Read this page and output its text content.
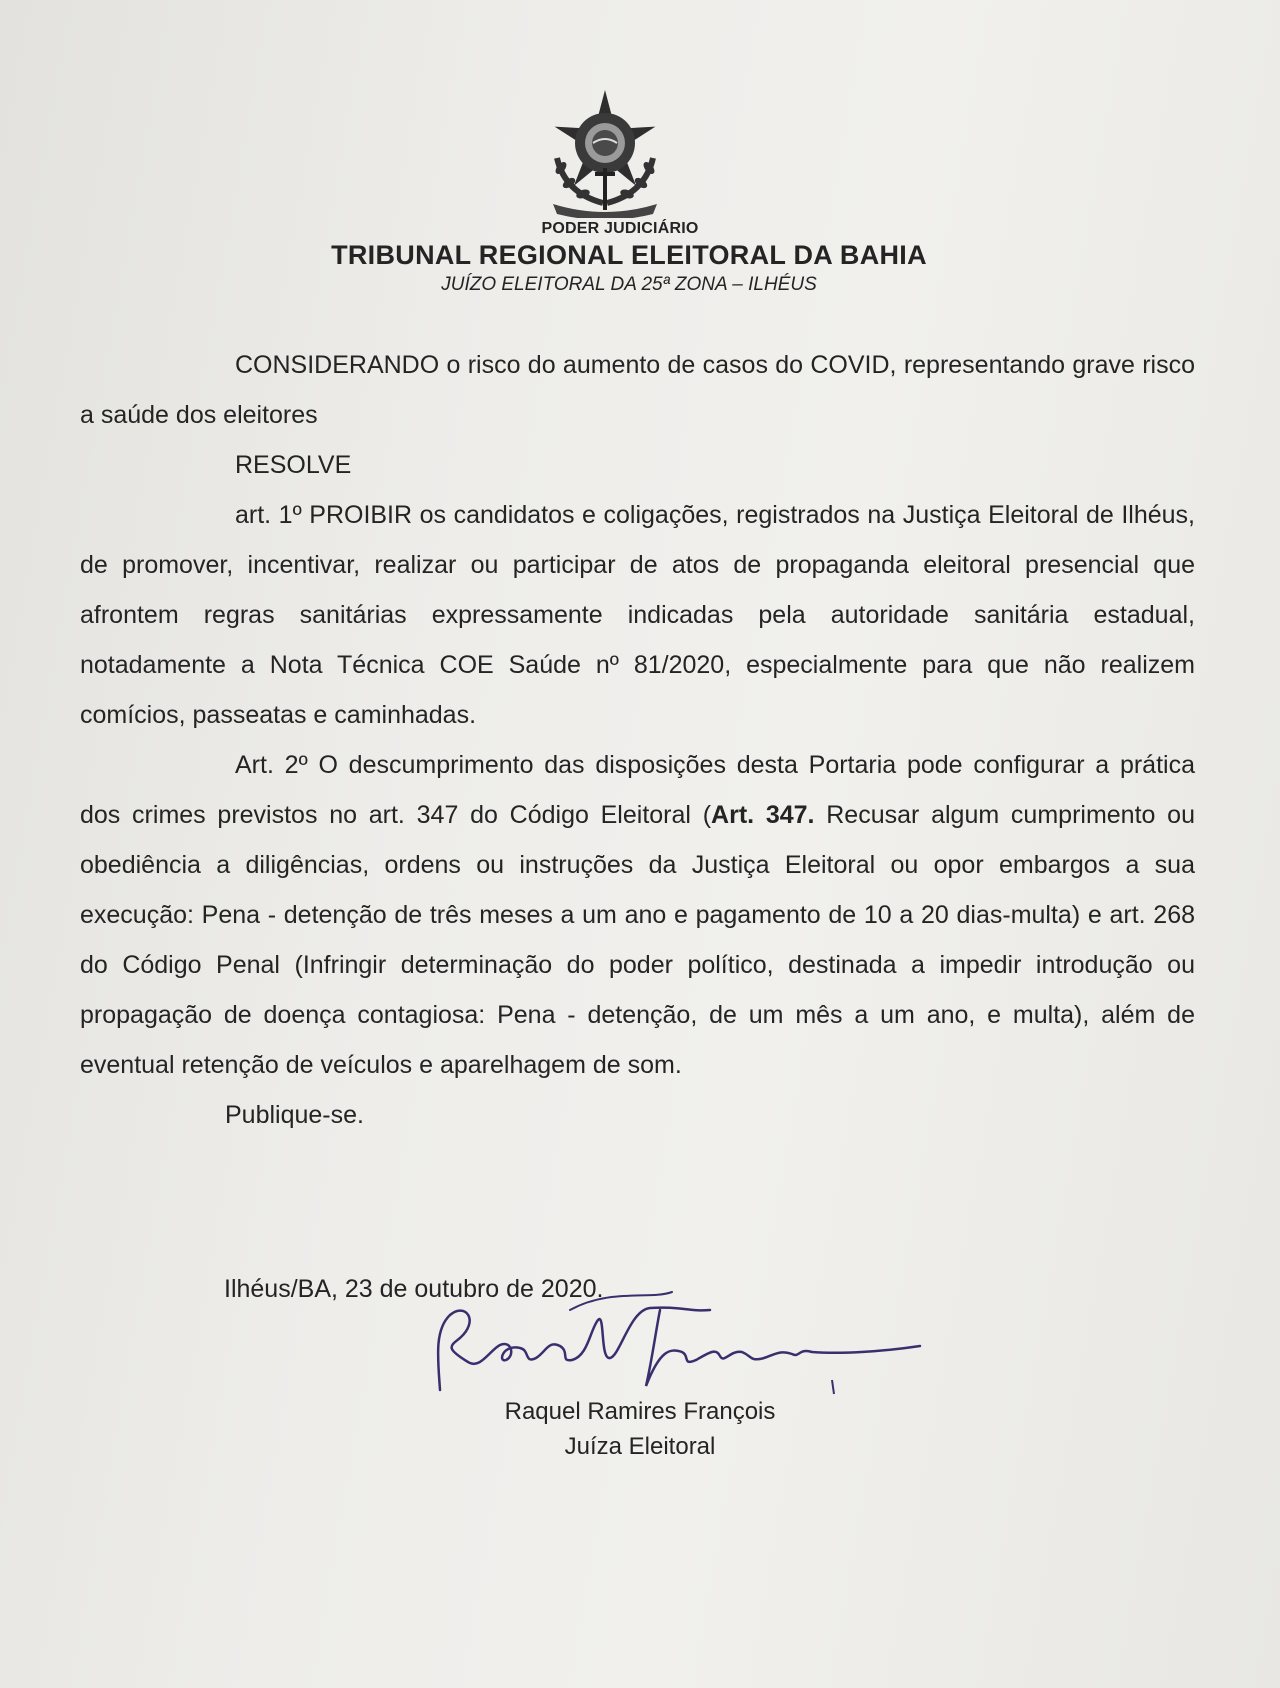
PODER JUDICIÁRIO
TRIBUNAL REGIONAL ELEITORAL DA BAHIA
JUÍZO ELEITORAL DA 25ª ZONA – ILHÉUS

CONSIDERANDO o risco do aumento de casos do COVID, representando grave risco a saúde dos eleitores

RESOLVE

art. 1º PROIBIR os candidatos e coligações, registrados na Justiça Eleitoral de Ilhéus, de promover, incentivar, realizar ou participar de atos de propaganda eleitoral presencial que afrontem regras sanitárias expressamente indicadas pela autoridade sanitária estadual, notadamente a Nota Técnica COE Saúde nº 81/2020, especialmente para que não realizem comícios, passeatas e caminhadas.

Art. 2º O descumprimento das disposições desta Portaria pode configurar a prática dos crimes previstos no art. 347 do Código Eleitoral (Art. 347. Recusar algum cumprimento ou obediência a diligências, ordens ou instruções da Justiça Eleitoral ou opor embargos a sua execução: Pena - detenção de três meses a um ano e pagamento de 10 a 20 dias-multa) e art. 268 do Código Penal (Infringir determinação do poder político, destinada a impedir introdução ou propagação de doença contagiosa: Pena - detenção, de um mês a um ano, e multa), além de eventual retenção de veículos e aparelhagem de som.

Publique-se.

Ilhéus/BA, 23 de outubro de 2020.
Raquel Ramires François
Juíza Eleitoral
